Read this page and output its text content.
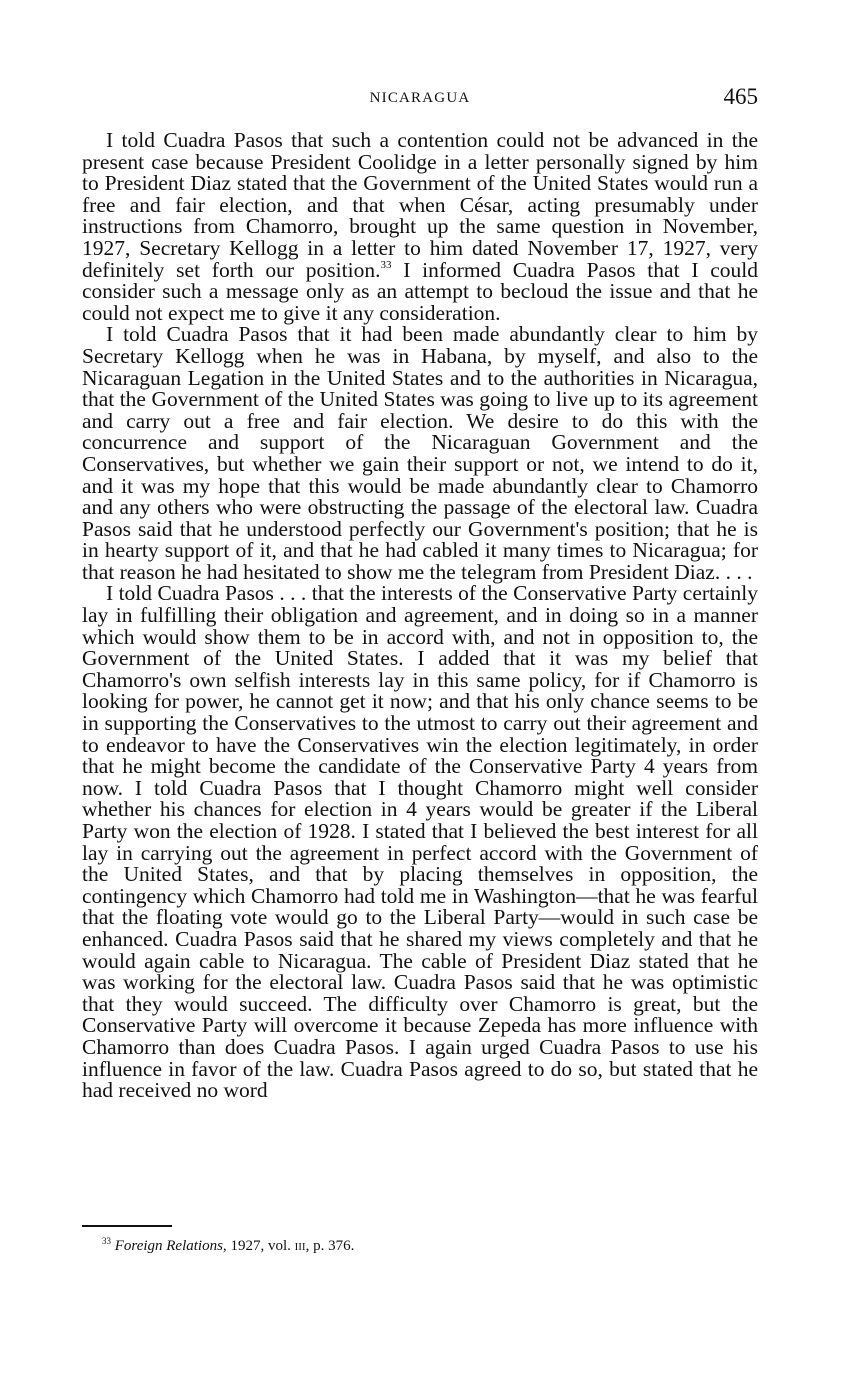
NICARAGUA	465

I told Cuadra Pasos that such a contention could not be advanced in the present case because President Coolidge in a letter personally signed by him to President Diaz stated that the Government of the United States would run a free and fair election, and that when César, acting presumably under instructions from Chamorro, brought up the same question in November, 1927, Secretary Kellogg in a letter to him dated November 17, 1927, very definitely set forth our position.$^{33}$ I informed Cuadra Pasos that I could consider such a message only as an attempt to becloud the issue and that he could not expect me to give it any consideration.

I told Cuadra Pasos that it had been made abundantly clear to him by Secretary Kellogg when he was in Habana, by myself, and also to the Nicaraguan Legation in the United States and to the authorities in Nicaragua, that the Government of the United States was going to live up to its agreement and carry out a free and fair election. We desire to do this with the concurrence and support of the Nicaraguan Government and the Conservatives, but whether we gain their support or not, we intend to do it, and it was my hope that this would be made abundantly clear to Chamorro and any others who were obstructing the passage of the electoral law. Cuadra Pasos said that he understood perfectly our Government's position; that he is in hearty support of it, and that he had cabled it many times to Nicaragua; for that reason he had hesitated to show me the telegram from President Diaz. . . .

I told Cuadra Pasos . . . that the interests of the Conservative Party certainly lay in fulfilling their obligation and agreement, and in doing so in a manner which would show them to be in accord with, and not in opposition to, the Government of the United States. I added that it was my belief that Chamorro's own selfish interests lay in this same policy, for if Chamorro is looking for power, he cannot get it now; and that his only chance seems to be in supporting the Conservatives to the utmost to carry out their agreement and to endeavor to have the Conservatives win the election legitimately, in order that he might become the candidate of the Conservative Party 4 years from now. I told Cuadra Pasos that I thought Chamorro might well consider whether his chances for election in 4 years would be greater if the Liberal Party won the election of 1928. I stated that I believed the best interest for all lay in carrying out the agreement in perfect accord with the Government of the United States, and that by placing themselves in opposition, the contingency which Chamorro had told me in Washington—that he was fearful that the floating vote would go to the Liberal Party—would in such case be enhanced. Cuadra Pasos said that he shared my views completely and that he would again cable to Nicaragua. The cable of President Diaz stated that he was working for the electoral law. Cuadra Pasos said that he was optimistic that they would succeed. The difficulty over Chamorro is great, but the Conservative Party will overcome it because Zepeda has more influence with Chamorro than does Cuadra Pasos. I again urged Cuadra Pasos to use his influence in favor of the law. Cuadra Pasos agreed to do so, but stated that he had received no word

$^{33}$ Foreign Relations, 1927, vol. iii, p. 376.
